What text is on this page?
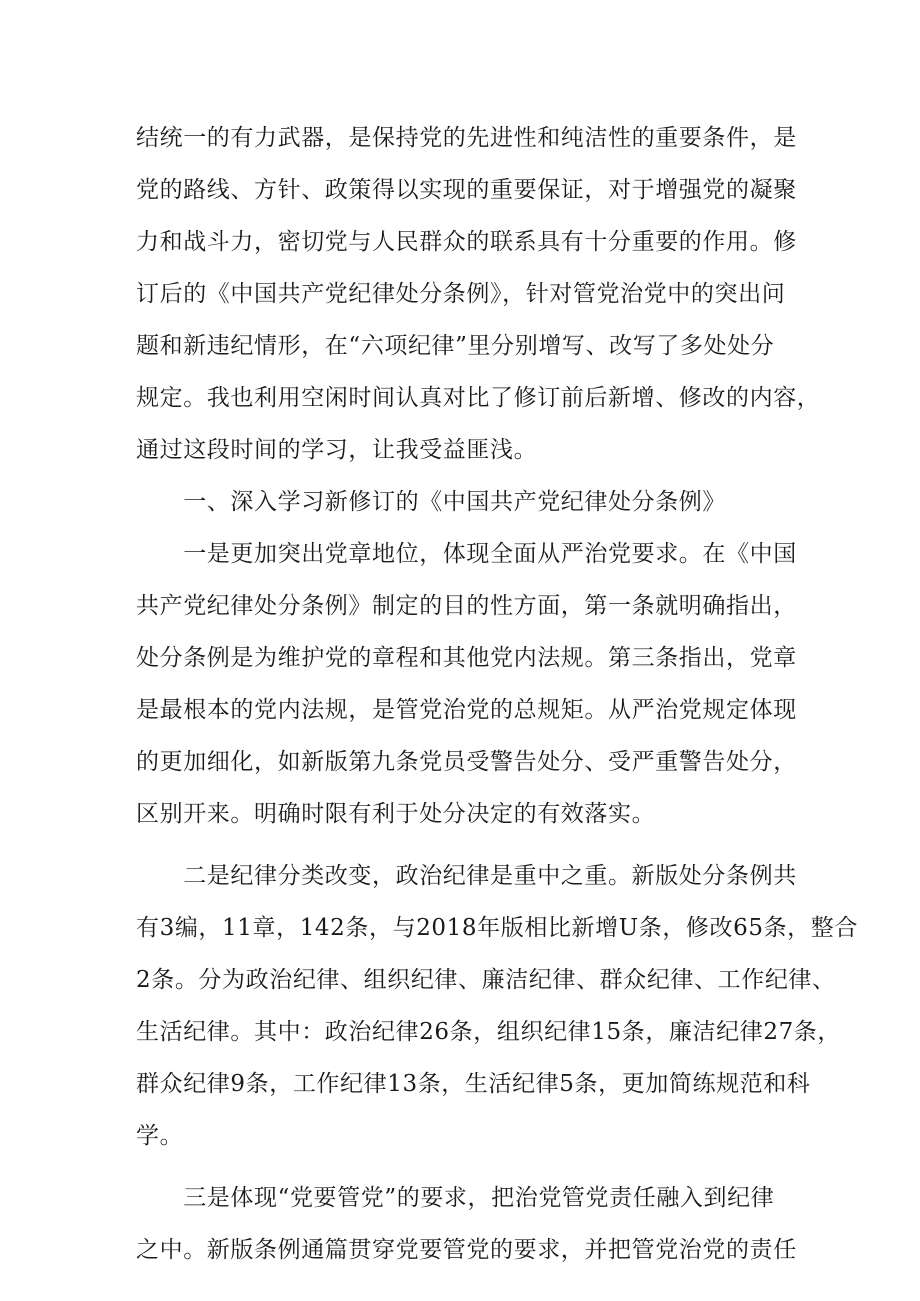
结统一的有力武器，是保持党的先进性和纯洁性的重要条件，是
党的路线、方针、政策得以实现的重要保证，对于增强党的凝聚
力和战斗力，密切党与人民群众的联系具有十分重要的作用。修
订后的《中国共产党纪律处分条例》，针对管党治党中的突出问
题和新违纪情形，在“六项纪律”里分别增写、改写了多处处分
规定。我也利用空闲时间认真对比了修订前后新增、修改的内容，
通过这段时间的学习，让我受益匪浅。
　　一、深入学习新修订的《中国共产党纪律处分条例》
　　一是更加突出党章地位，体现全面从严治党要求。在《中国
共产党纪律处分条例》制定的目的性方面，第一条就明确指出，
处分条例是为维护党的章程和其他党内法规。第三条指出，党章
是最根本的党内法规，是管党治党的总规矩。从严治党规定体现
的更加细化，如新版第九条党员受警告处分、受严重警告处分，
区别开来。明确时限有利于处分决定的有效落实。
　　二是纪律分类改变，政治纪律是重中之重。新版处分条例共
有3编，11章，142条，与2018年版相比新增U条，修改65条，整合
2条。分为政治纪律、组织纪律、廉洁纪律、群众纪律、工作纪律、
生活纪律。其中：政治纪律26条，组织纪律15条，廉洁纪律27条，
群众纪律9条，工作纪律13条，生活纪律5条，更加简练规范和科
学。
　　三是体现“党要管党”的要求，把治党管党责任融入到纪律
之中。新版条例通篇贯穿党要管党的要求，并把管党治党的责任
